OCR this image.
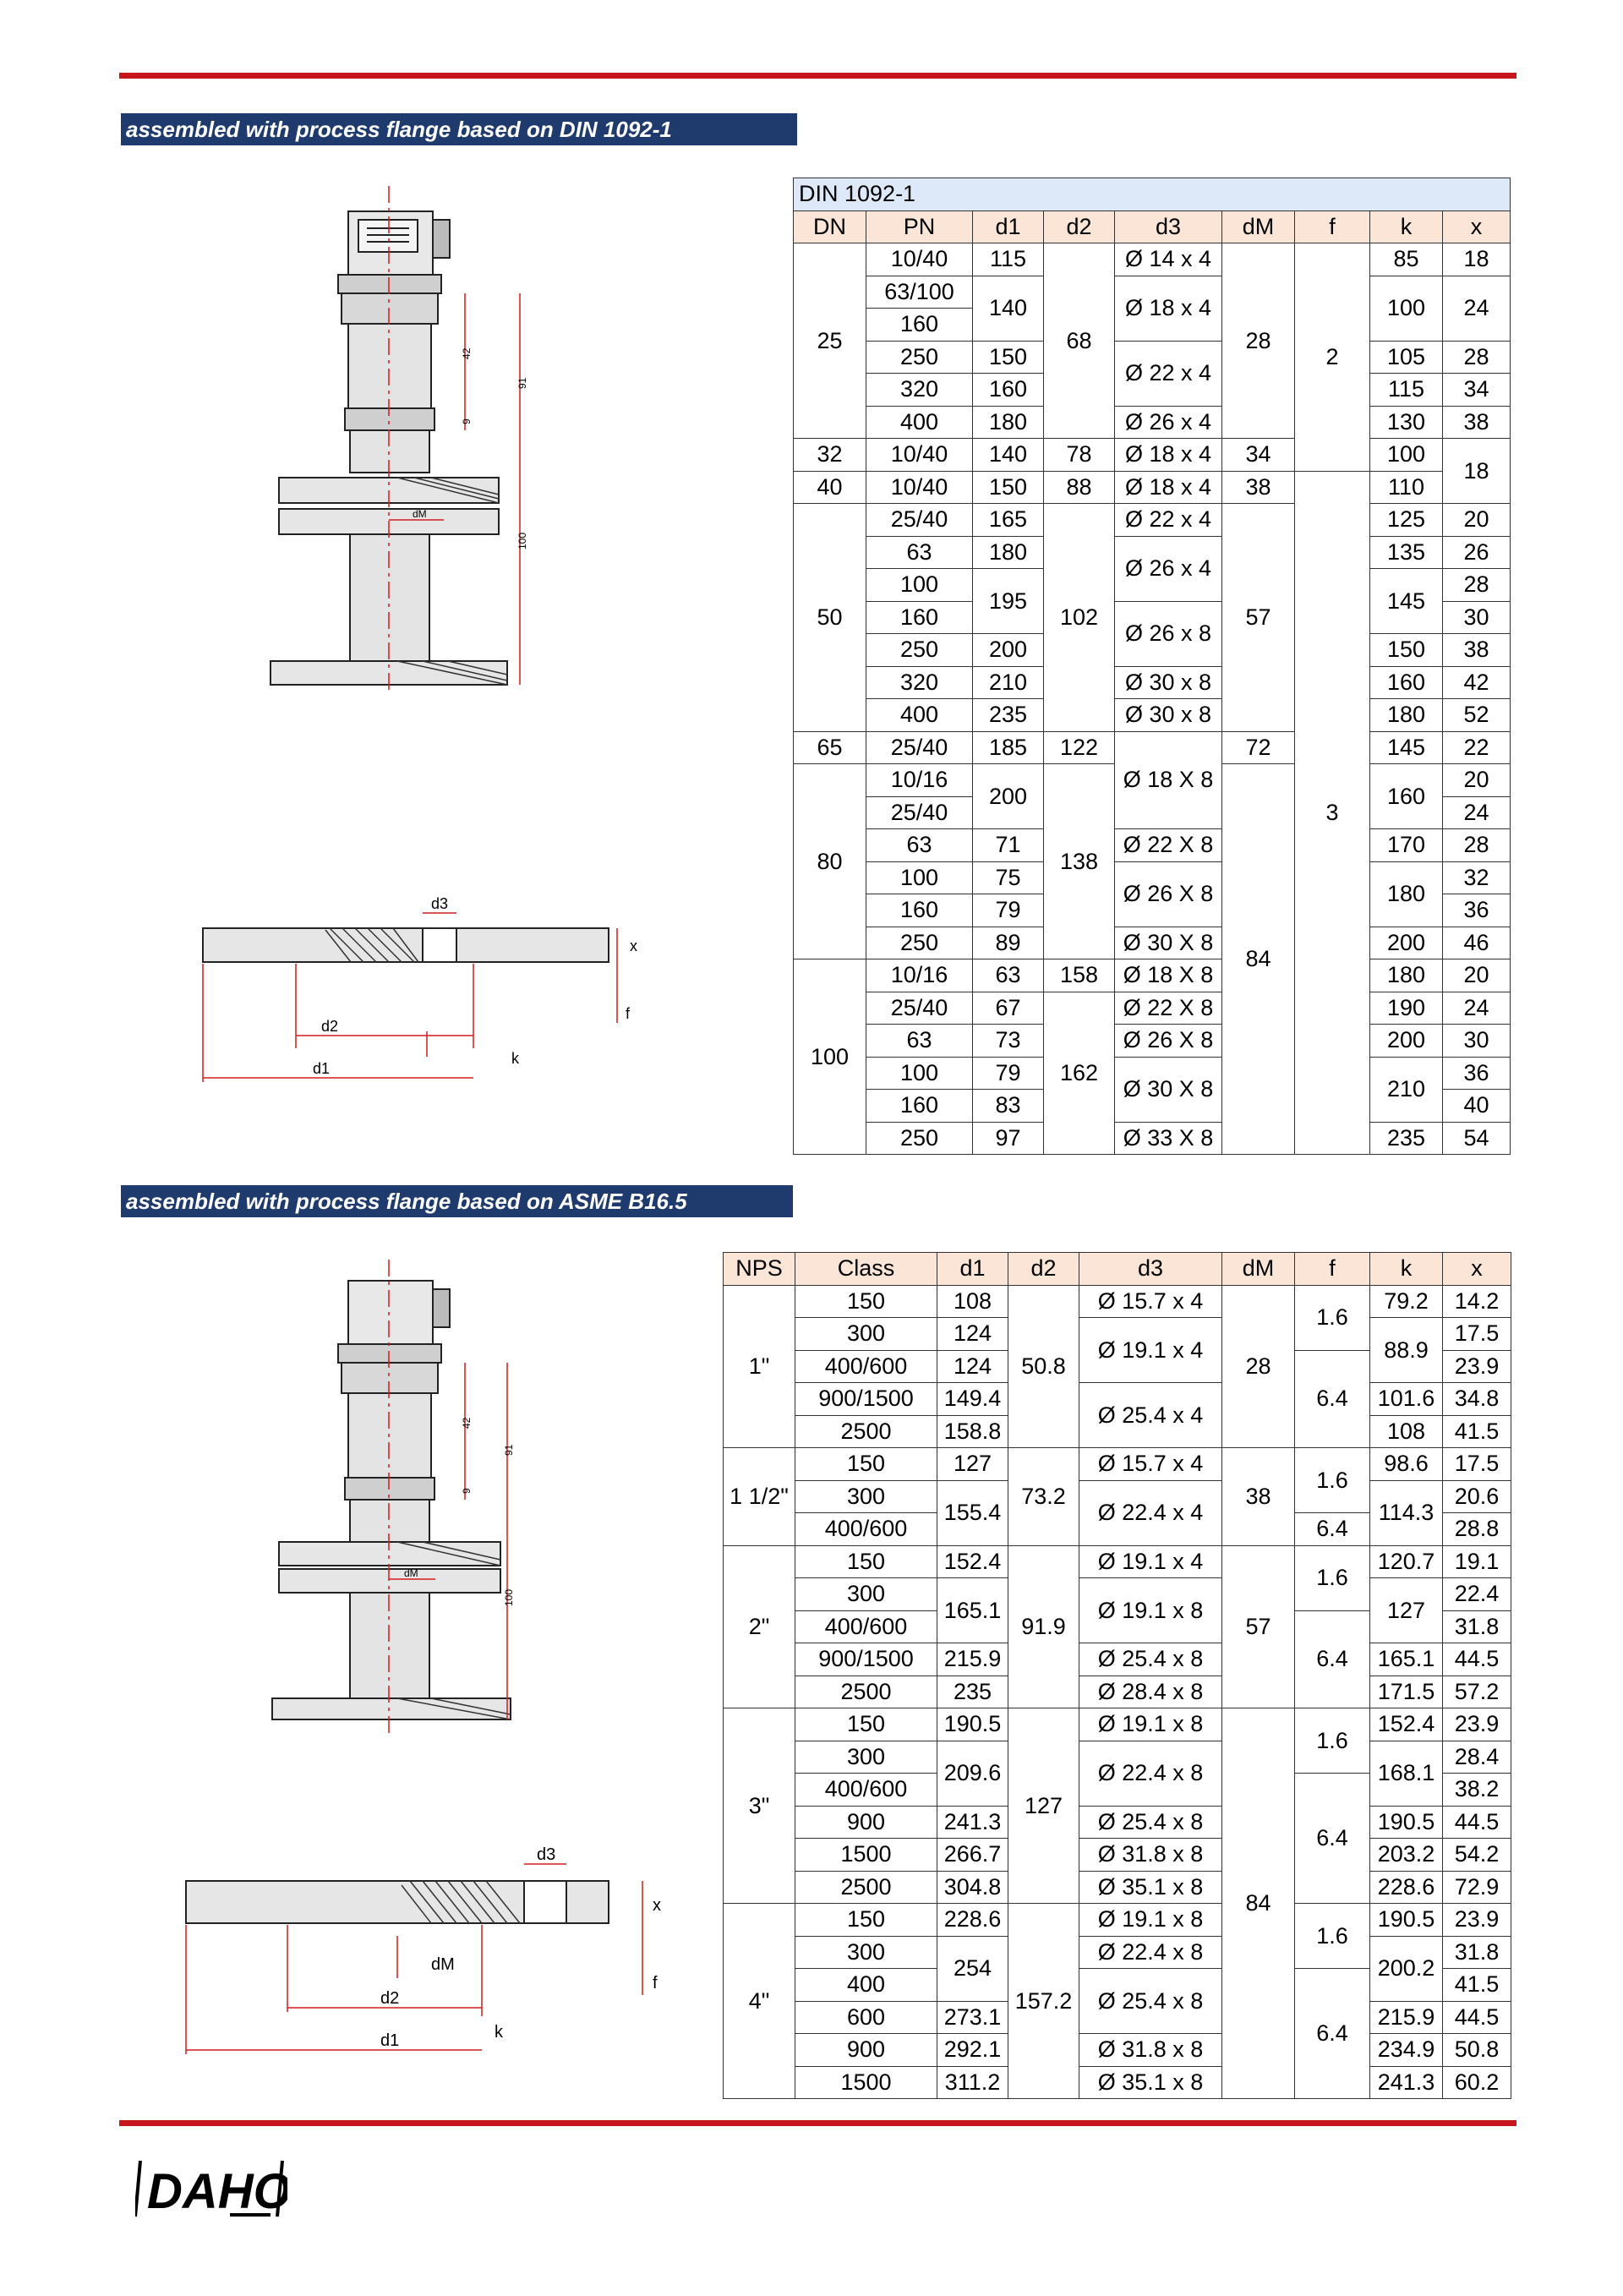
assembled with process flange based on DIN 1092-1
91
42
9
100
dM
d2
d1
d3
k
f
x
DIN 1092-1								
DN	PN	d1	d2	d3	dM	f	k	x
25	10/40	115	68	Ø 14 x 4	28	2	85	18
	63/100	140		Ø 18 x 4			100	24
	160							
	250	150		Ø 22 x 4			105	28
	320	160					115	34
	400	180		Ø 26 x 4			130	38
32	10/40	140	78	Ø 18 x 4	34		100	18
40	10/40	150	88	Ø 18 x 4	38	3	110	
50	25/40	165	102	Ø 22 x 4	57		125	20
	63	180		Ø 26 x 4			135	26
	100	195					145	28
	160			Ø 26 x 8				30
	250	200					150	38
	320	210		Ø 30 x 8			160	42
	400	235		Ø 30 x 8			180	52
65	25/40	185	122	Ø 18 X 8	72		145	22
80	10/16	200	138		84		160	20
	25/40							24
	63	71		Ø 22 X 8			170	28
	100	75		Ø 26 X 8			180	32
	160	79						36
	250	89		Ø 30 X 8			200	46
100	10/16	63	158	Ø 18 X 8			180	20
	25/40	67	162	Ø 22 X 8			190	24
	63	73		Ø 26 X 8			200	30
	100	79		Ø 30 X 8			210	36
	160	83						40
	250	97		Ø 33 X 8			235	54
assembled with process flange based on ASME B16.5
91
42
9
100
dM
dM
d2
d1
d3
k
f
x
NPS	Class	d1	d2	d3	dM	f	k	x
1"	150	108	50.8	Ø 15.7 x 4	28	1.6	79.2	14.2
	300	124		Ø 19.1 x 4			88.9	17.5
	400/600	124				6.4		23.9
	900/1500	149.4		Ø 25.4 x 4			101.6	34.8
	2500	158.8					108	41.5
1 1/2"	150	127	73.2	Ø 15.7 x 4	38	1.6	98.6	17.5
	300	155.4		Ø 22.4 x 4			114.3	20.6
	400/600					6.4		28.8
2"	150	152.4	91.9	Ø 19.1 x 4	57	1.6	120.7	19.1
	300	165.1		Ø 19.1 x 8			127	22.4
	400/600					6.4		31.8
	900/1500	215.9		Ø 25.4 x 8			165.1	44.5
	2500	235		Ø 28.4 x 8			171.5	57.2
3"	150	190.5	127	Ø 19.1 x 8	84	1.6	152.4	23.9
	300	209.6		Ø 22.4 x 8			168.1	28.4
	400/600					6.4		38.2
	900	241.3		Ø 25.4 x 8			190.5	44.5
	1500	266.7		Ø 31.8 x 8			203.2	54.2
	2500	304.8		Ø 35.1 x 8			228.6	72.9
4"	150	228.6	157.2	Ø 19.1 x 8		1.6	190.5	23.9
	300	254		Ø 22.4 x 8			200.2	31.8
	400			Ø 25.4 x 8		6.4		41.5
	600	273.1					215.9	44.5
	900	292.1		Ø 31.8 x 8			234.9	50.8
	1500	311.2		Ø 35.1 x 8			241.3	60.2
DAHO
